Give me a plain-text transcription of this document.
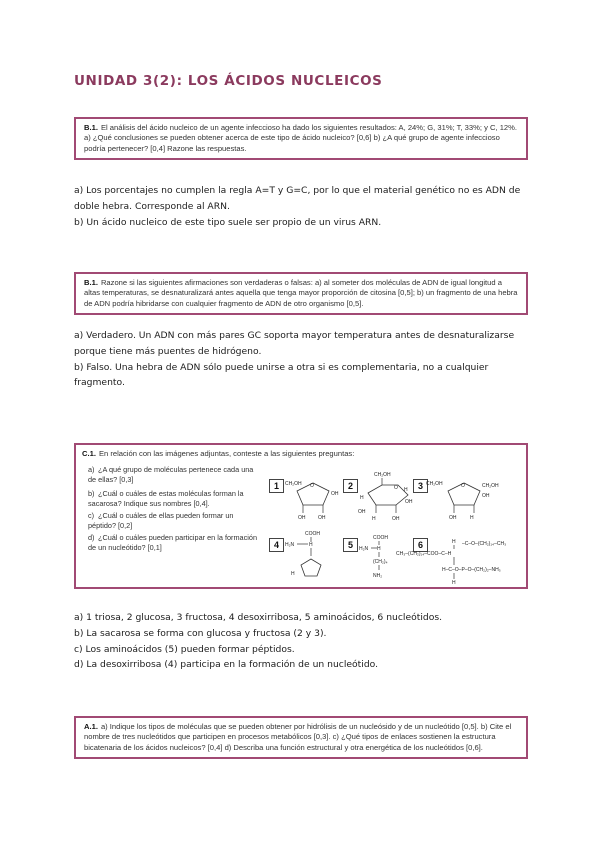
UNIDAD 3(2): LOS ÁCIDOS NUCLEICOS
B.1. El análisis del ácido nucleico de un agente infeccioso ha dado los siguientes resultados: A, 24%; G, 31%; T, 33%; y C, 12%. a) ¿Qué conclusiones se pueden obtener acerca de este tipo de ácido nucleico? [0,6] b) ¿A qué grupo de agente infeccioso podría pertenecer? [0,4] Razone las respuestas.

a) Los porcentajes no cumplen la regla A=T y G=C, por lo que el material genético no es ADN de doble hebra. Corresponde al ARN.

b) Un ácido nucleico de este tipo suele ser propio de un virus ARN.

B.1. Razone si las siguientes afirmaciones son verdaderas o falsas: a) al someter dos moléculas de ADN de igual longitud a altas temperaturas, se desnaturalizará antes aquella que tenga mayor proporción de citosina [0,5]; b) un fragmento de una hebra de ADN podría hibridarse con cualquier fragmento de ADN de otro organismo [0,5].

a) Verdadero. Un ADN con más pares GC soporta mayor temperatura antes de desnaturalizarse porque tiene más puentes de hidrógeno.

b) Falso. Una hebra de ADN sólo puede unirse a otra si es complementaria, no a cualquier fragmento.

C.1. En relación con las imágenes adjuntas, conteste a las siguientes preguntas:
a) ¿A qué grupo de moléculas pertenece cada una de ellas? [0,3]
b) ¿Cuál o cuáles de estas moléculas forman la sacarosa? Indique sus nombres [0,4].
c) ¿Cuál o cuáles de ellas pueden formar un péptido? [0,2]
d) ¿Cuál o cuáles pueden participar en la formación de un nucleótido? [0,1]
1	2	3
4	5	6
O
CH₂OH
OH	OH
OH
CH₂OH
O
H
H
OH
OH
H	OH
CH₂OH	O	CH₂OH
OH
OH	H
COOH
H₂N	H
H
COOH
H₂N H
(CH₂)₄
NH₂
CH₃–(CH₂)₁₄–COO–C–H
H –C–O–(CH₂)₁₄–CH₃
H–C–O–P–O–(CH₂)₂–NH₃
H

a) 1 triosa, 2 glucosa, 3 fructosa, 4 desoxirribosa, 5 aminoácidos, 6 nucleótidos.

b) La sacarosa se forma con glucosa y fructosa (2 y 3).

c) Los aminoácidos (5) pueden formar péptidos.

d) La desoxirribosa (4) participa en la formación de un nucleótido.

A.1. a) Indique los tipos de moléculas que se pueden obtener por hidrólisis de un nucleósido y de un nucleótido [0,5]. b) Cite el nombre de tres nucleótidos que participen en procesos metabólicos [0,3]. c) ¿Qué tipos de enlaces sostienen la estructura bicatenaria de los ácidos nucleicos? [0,4] d) Describa una función estructural y otra energética de los nucleótidos [0,6].
